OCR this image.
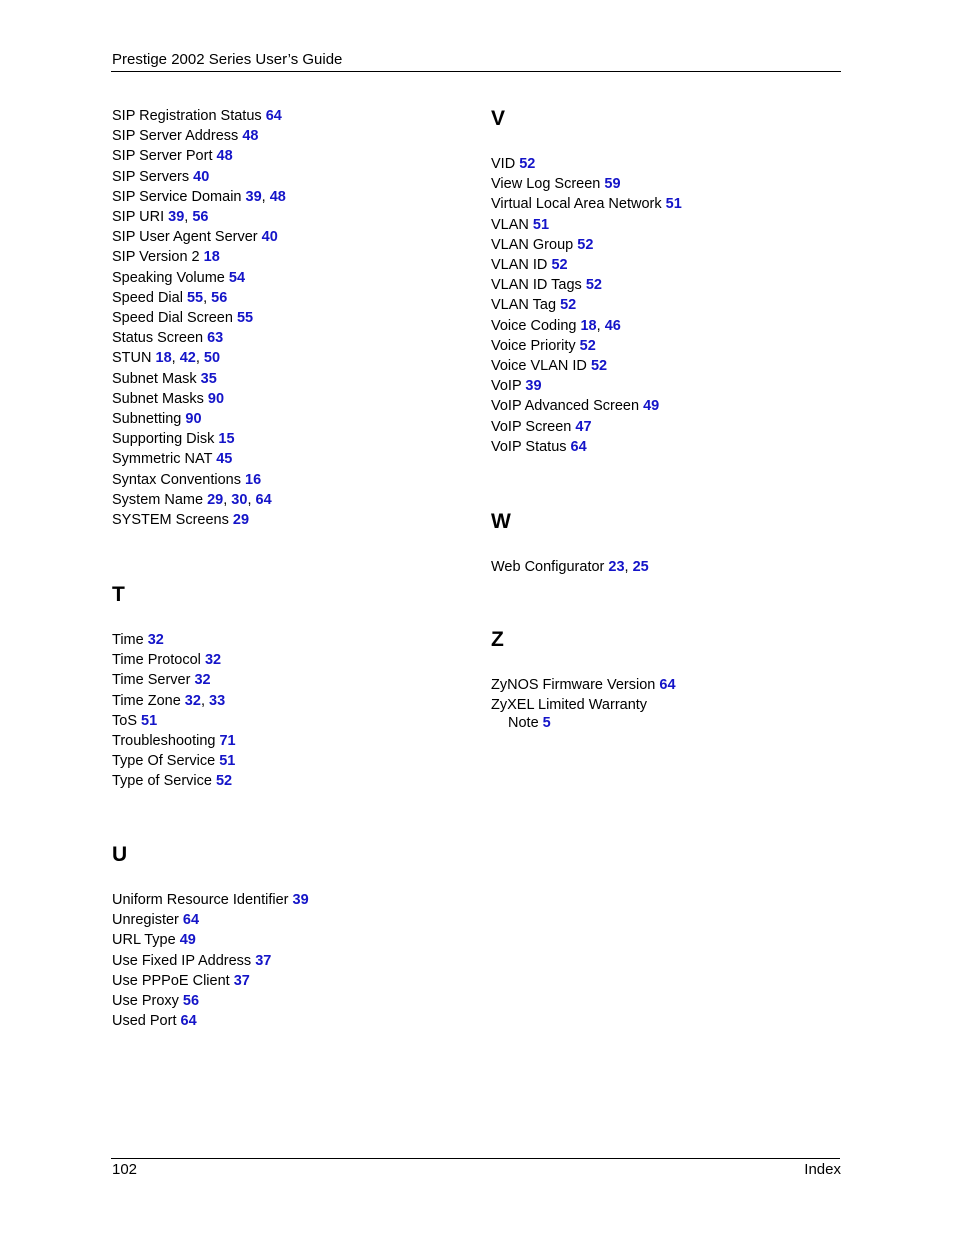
Prestige 2002 Series User’s Guide
SIP Registration Status 64
SIP Server Address 48
SIP Server Port 48
SIP Servers 40
SIP Service Domain 39, 48
SIP URI 39, 56
SIP User Agent Server 40
SIP Version 2 18
Speaking Volume 54
Speed Dial 55, 56
Speed Dial Screen 55
Status Screen 63
STUN 18, 42, 50
Subnet Mask 35
Subnet Masks 90
Subnetting 90
Supporting Disk 15
Symmetric NAT 45
Syntax Conventions 16
System Name 29, 30, 64
SYSTEM Screens 29
T
Time 32
Time Protocol 32
Time Server 32
Time Zone 32, 33
ToS 51
Troubleshooting 71
Type Of Service 51
Type of Service 52
U
Uniform Resource Identifier 39
Unregister 64
URL Type 49
Use Fixed IP Address 37
Use PPPoE Client 37
Use Proxy 56
Used Port 64
V
VID 52
View Log Screen 59
Virtual Local Area Network 51
VLAN 51
VLAN Group 52
VLAN ID 52
VLAN ID Tags 52
VLAN Tag 52
Voice Coding 18, 46
Voice Priority 52
Voice VLAN ID 52
VoIP 39
VoIP Advanced Screen 49
VoIP Screen 47
VoIP Status 64
W
Web Configurator 23, 25
Z
ZyNOS Firmware Version 64
ZyXEL Limited Warranty
Note 5
102	Index
